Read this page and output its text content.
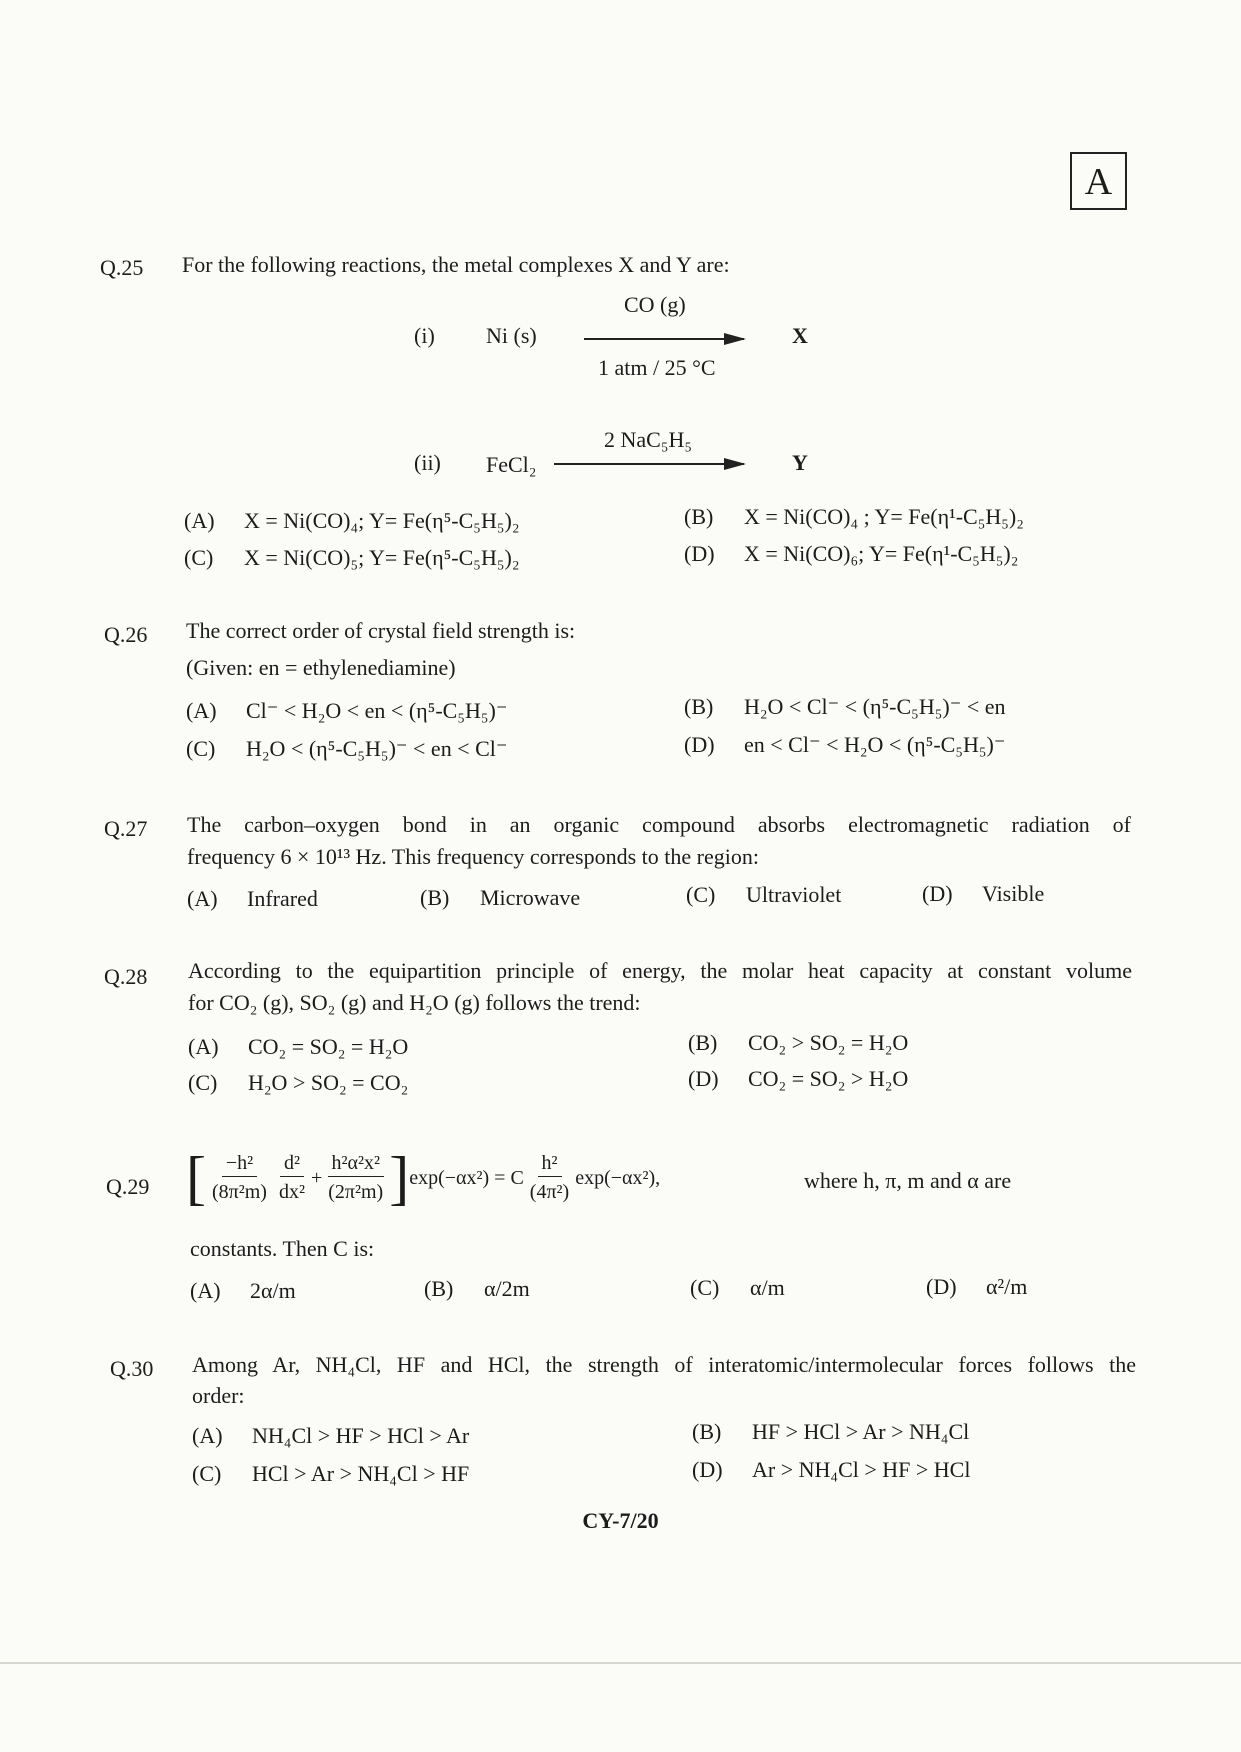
A
Q.25 For the following reactions, the metal complexes X and Y are:
(i) Ni (s)
CO (g)
1 atm / 25 °C
X
(ii) FeCl₂
2 NaC₅H₅
Y
(A) X = Ni(CO)₄; Y= Fe(η⁵-C₅H₅)₂	(B) X = Ni(CO)₄ ; Y= Fe(η¹-C₅H₅)₂
(C) X = Ni(CO)₅; Y= Fe(η⁵-C₅H₅)₂	(D) X = Ni(CO)₆; Y= Fe(η¹-C₅H₅)₂
Q.26 The correct order of crystal field strength is:
(Given: en = ethylenediamine)
(A) Cl⁻ < H₂O < en < (η⁵-C₅H₅)⁻	(B) H₂O < Cl⁻ < (η⁵-C₅H₅)⁻ < en
(C) H₂O < (η⁵-C₅H₅)⁻ < en < Cl⁻	(D) en < Cl⁻ < H₂O < (η⁵-C₅H₅)⁻
Q.27 The carbon–oxygen bond in an organic compound absorbs electromagnetic radiation of
frequency 6 × 10¹³ Hz. This frequency corresponds to the region:
(A) Infrared	(B) Microwave	(C) Ultraviolet	(D) Visible
Q.28 According to the equipartition principle of energy, the molar heat capacity at constant volume
for CO₂ (g), SO₂ (g) and H₂O (g) follows the trend:
(A) CO₂ = SO₂ = H₂O	(B) CO₂ > SO₂ = H₂O
(C) H₂O > SO₂ = CO₂	(D) CO₂ = SO₂ > H₂O
Q.29 [ $\frac{\text{−h²}}{\text{(8π²m)}} \frac{\text{d²}}{\text{dx²}} + \frac{\text{h²α²x²}}{\text{(2π²m)}}$ ] exp(−αx²) = C $\frac{\text{h²}}{\text{(4π²)}} \exp(-\alpha x^2)$,	where h, π, m and α are
constants. Then C is:
(A) 2α/m	(B) α/2m	(C) α/m	(D) α²/m
Q.30 Among Ar, NH₄Cl, HF and HCl, the strength of interatomic/intermolecular forces follows the
order:
(A) NH₄Cl > HF > HCl > Ar	(B) HF > HCl > Ar > NH₄Cl
(C) HCl > Ar > NH₄Cl > HF	(D) Ar > NH₄Cl > HF > HCl
CY-7/20
